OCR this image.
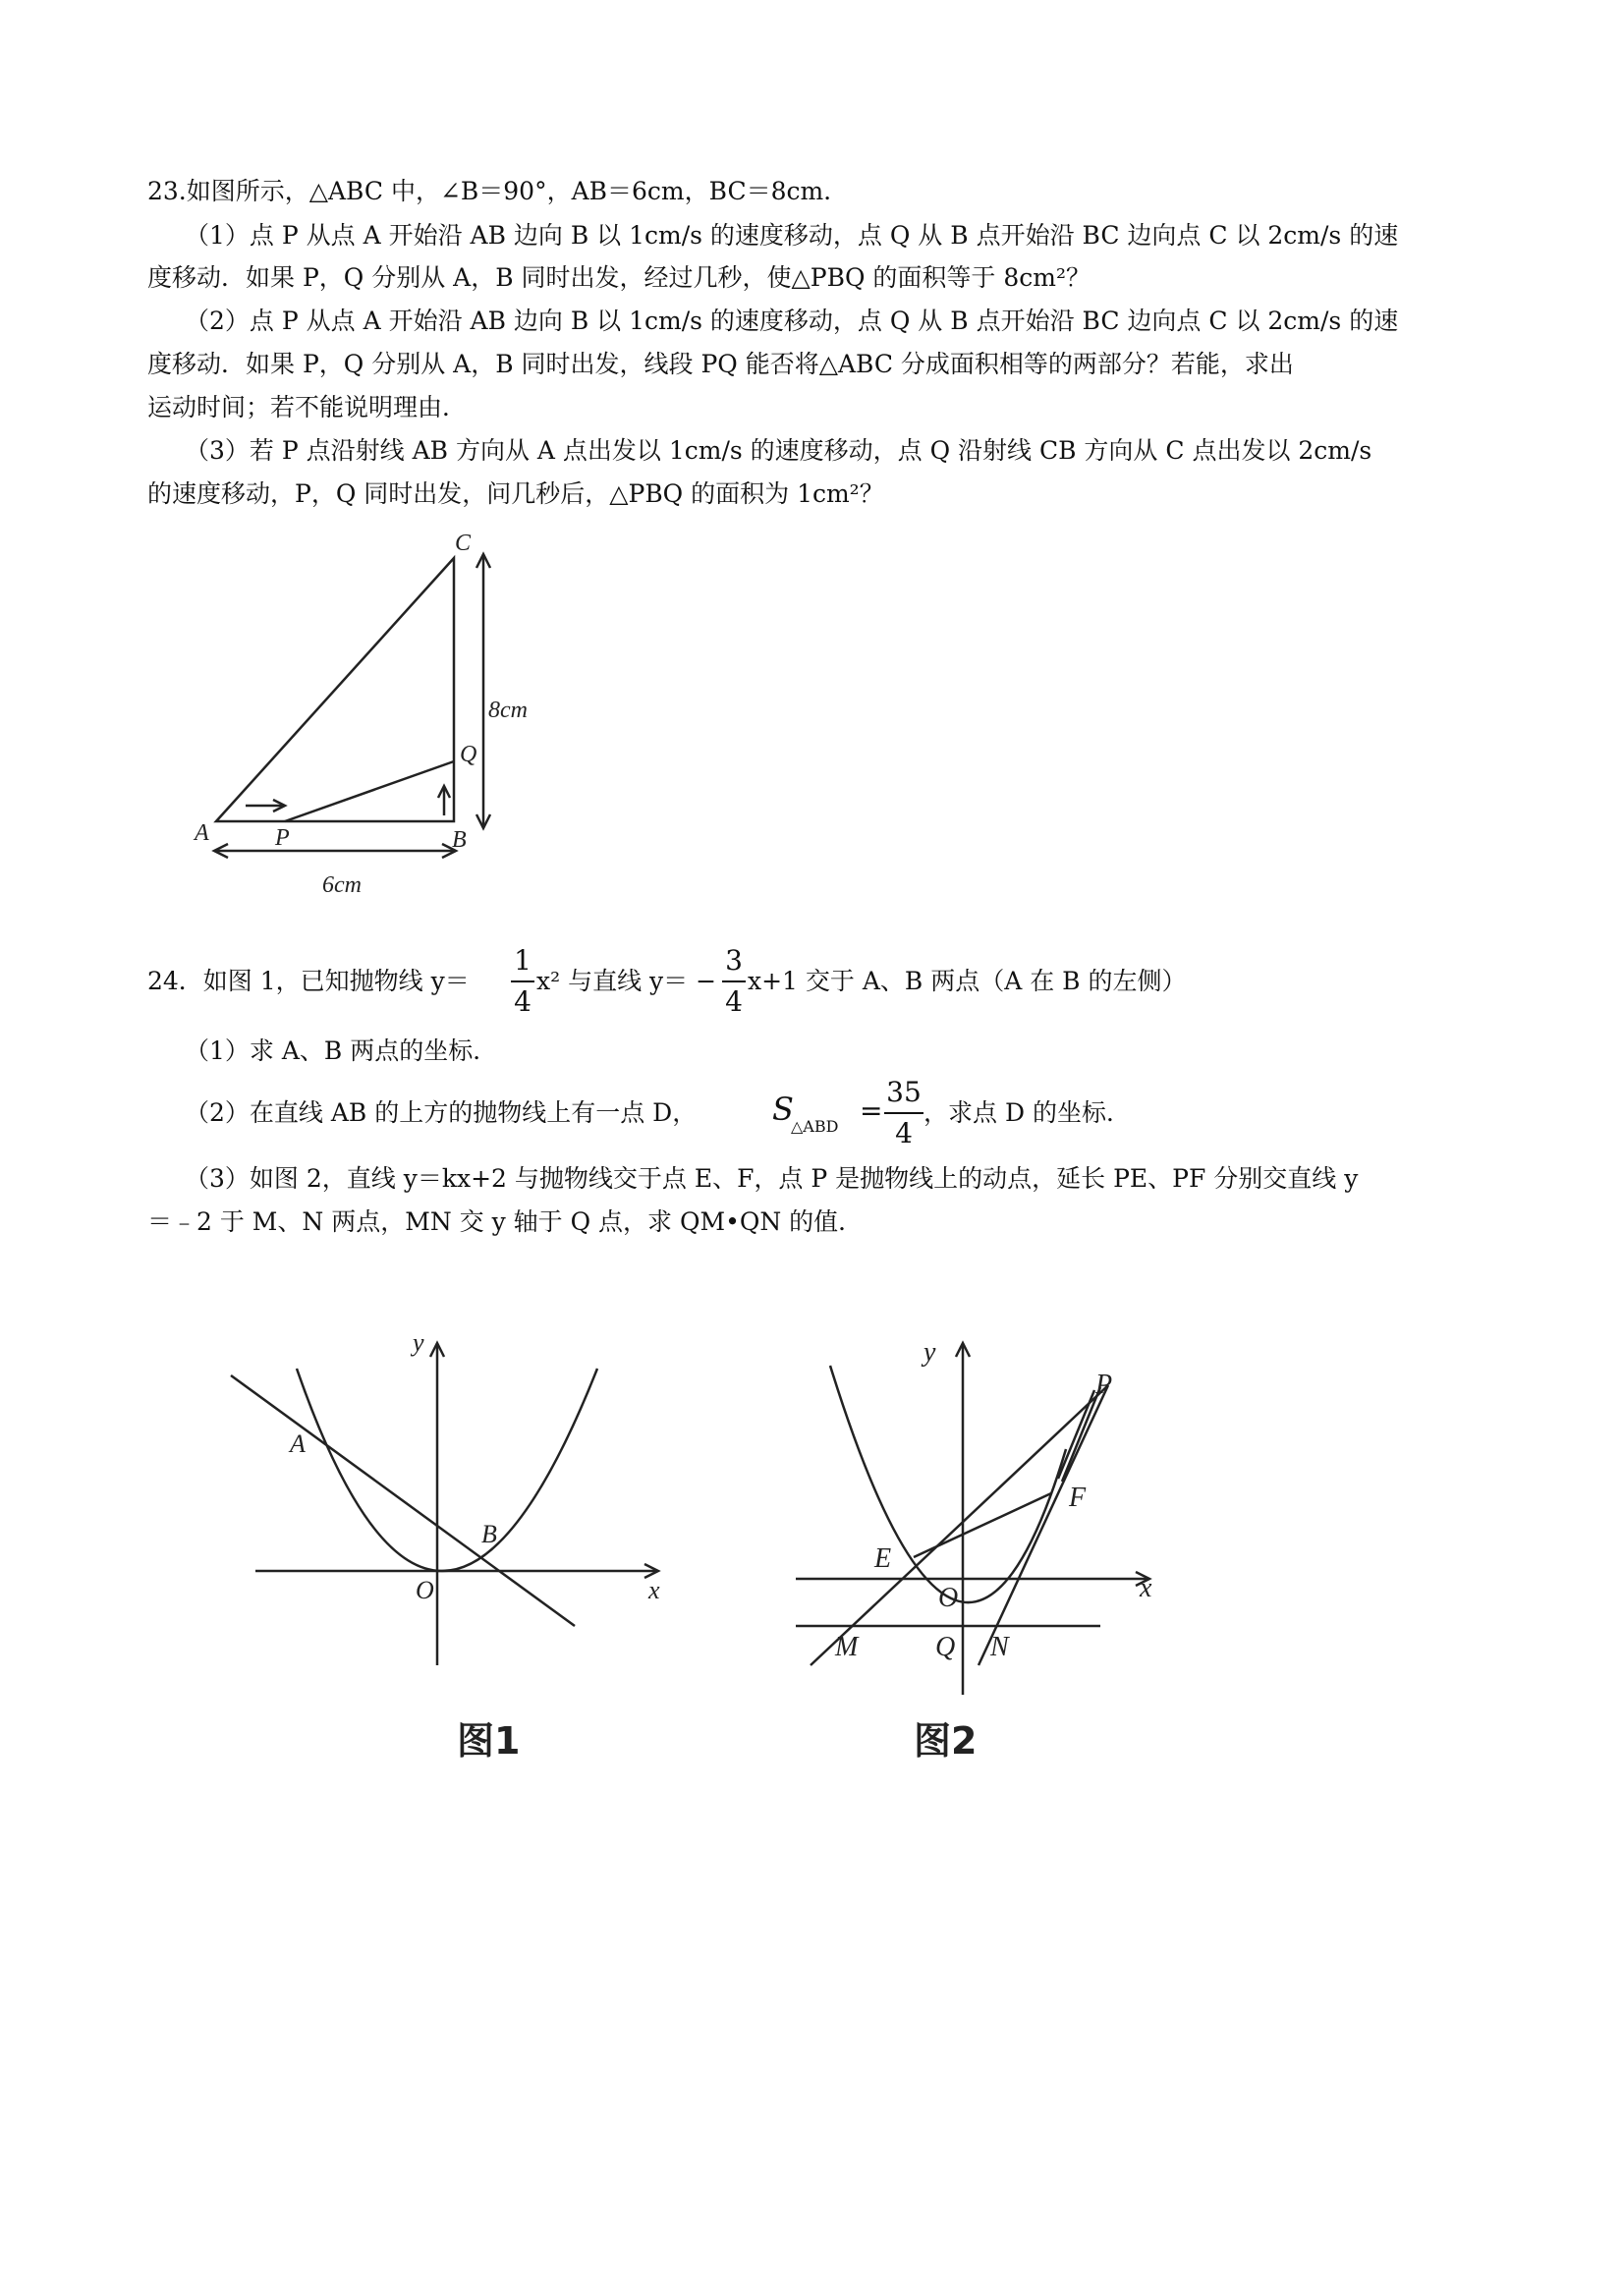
23.如图所示，△ABC 中，∠B＝90°，AB＝6cm，BC＝8cm．
（1）点 P 从点 A 开始沿 AB 边向 B 以 1cm/s 的速度移动，点 Q 从 B 点开始沿 BC 边向点 C 以 2cm/s 的速
度移动．如果 P，Q 分别从 A，B 同时出发，经过几秒，使△PBQ 的面积等于 8cm²？
（2）点 P 从点 A 开始沿 AB 边向 B 以 1cm/s 的速度移动，点 Q 从 B 点开始沿 BC 边向点 C 以 2cm/s 的速
度移动．如果 P，Q 分别从 A，B 同时出发，线段 PQ 能否将△ABC 分成面积相等的两部分？若能，求出
运动时间；若不能说明理由．
（3）若 P 点沿射线 AB 方向从 A 点出发以 1cm/s 的速度移动，点 Q 沿射线 CB 方向从 C 点出发以 2cm/s
的速度移动，P，Q 同时出发，问几秒后，△PBQ 的面积为 1cm²？
A	P	B
C
Q
8cm
6cm
24．如图 1，已知抛物线 y＝
1
4
x² 与直线 y＝ −
3
4
x+1 交于 A、B 两点（A 在 B 的左侧）
（1）求 A、B 两点的坐标．
（2）在直线 AB 的上方的抛物线上有一点 D， S
△ABD =
35
4
，求点 D 的坐标．
（3）如图 2，直线 y＝kx+2 与抛物线交于点 E、F，点 P 是抛物线上的动点，延长 PE、PF 分别交直线 y
＝﹣2 于 M、N 两点，MN 交 y 轴于 Q 点，求 QM•QN 的值．
y
x
O
A
B
图1
y
x
O
P
F
E
M	Q N
图2
